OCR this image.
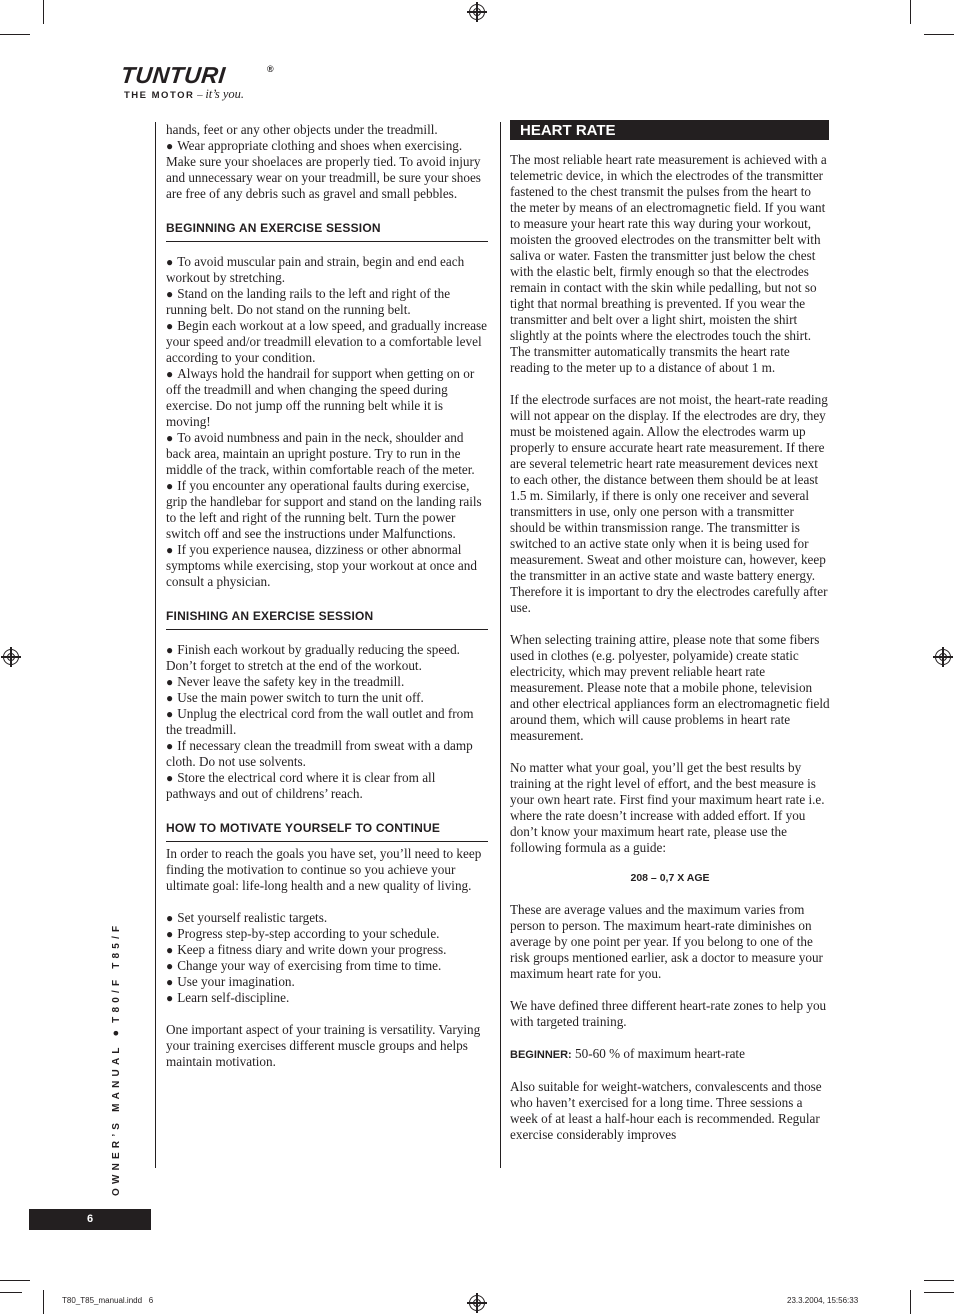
TUNTURI	®
THE MOTOR – it’s you.

hands, feet or any other objects under the treadmill.

● Wear appropriate clothing and shoes when exercising. Make sure your shoelaces are properly tied. To avoid injury and unnecessary wear on your treadmill, be sure your shoes are free of any debris such as gravel and small pebbles.

BEGINNING AN EXERCISE SESSION

● To avoid muscular pain and strain, begin and end each workout by stretching.

● Stand on the landing rails to the left and right of the running belt. Do not stand on the running belt.

● Begin each workout at a low speed, and gradually increase your speed and/or treadmill elevation to a comfortable level according to your condition.

● Always hold the handrail for support when getting on or off the treadmill and when changing the speed during exercise. Do not jump off the running belt while it is moving!

● To avoid numbness and pain in the neck, shoulder and back area, maintain an upright posture. Try to run in the middle of the track, within comfortable reach of the meter.

● If you encounter any operational faults during exercise, grip the handlebar for support and stand on the landing rails to the left and right of the running belt. Turn the power switch off and see the instructions under Malfunctions.

● If you experience nausea, dizziness or other abnormal symptoms while exercising, stop your workout at once and consult a physician.

FINISHING AN EXERCISE SESSION

● Finish each workout by gradually reducing the speed. Don’t forget to stretch at the end of the workout.

● Never leave the safety key in the treadmill.

● Use the main power switch to turn the unit off.

● Unplug the electrical cord from the wall outlet and from the treadmill.

● If necessary clean the treadmill from sweat with a damp cloth. Do not use solvents.

● Store the electrical cord where it is clear from all pathways and out of childrens’ reach.

HOW TO MOTIVATE YOURSELF TO CONTINUE

In order to reach the goals you have set, you’ll need to keep finding the motivation to continue so you achieve your ultimate goal: life-long health and a new quality of living.

● Set yourself realistic targets.

● Progress step-by-step according to your schedule.

● Keep a fitness diary and write down your progress.

● Change your way of exercising from time to time.

● Use your imagination.

● Learn self-discipline.

One important aspect of your training is versatility. Varying your training exercises different muscle groups and helps maintain motivation.

HEART RATE

The most reliable heart rate measurement is achieved with a telemetric device, in which the electrodes of the transmitter fastened to the chest transmit the pulses from the heart to the meter by means of an electromagnetic field. If you want to measure your heart rate this way during your workout, moisten the grooved electrodes on the transmitter belt with saliva or water. Fasten the transmitter just below the chest with the elastic belt, firmly enough so that the electrodes remain in contact with the skin while pedalling, but not so tight that normal breathing is prevented. If you wear the transmitter and belt over a light shirt, moisten the shirt slightly at the points where the electrodes touch the shirt. The transmitter automatically transmits the heart rate reading to the meter up to a distance of about 1 m.

If the electrode surfaces are not moist, the heart-rate reading will not appear on the display. If the electrodes are dry, they must be moistened again. Allow the electrodes warm up properly to ensure accurate heart rate measurement. If there are several telemetric heart rate measurement devices next to each other, the distance between them should be at least 1.5 m. Similarly, if there is only one receiver and several transmitters in use, only one person with a transmitter should be within transmission range. The transmitter is switched to an active state only when it is being used for measurement. Sweat and other moisture can, however, keep the transmitter in an active state and waste battery energy. Therefore it is important to dry the electrodes carefully after use.

When selecting training attire, please note that some fibers used in clothes (e.g. polyester, polyamide) create static electricity, which may prevent reliable heart rate measurement. Please note that a mobile phone, television and other electrical appliances form an electromagnetic field around them, which will cause problems in heart rate measurement.

No matter what your goal, you’ll get the best results by training at the right level of effort, and the best measure is your own heart rate. First find your maximum heart rate i.e. where the rate doesn’t increase with added effort. If you don’t know your maximum heart rate, please use the following formula as a guide:

208 – 0,7 X AGE

These are average values and the maximum varies from person to person. The maximum heart-rate diminishes on average by one point per year. If you belong to one of the risk groups mentioned earlier, ask a doctor to measure your maximum heart rate for you.

We have defined three different heart-rate zones to help you with targeted training.

BEGINNER: 50-60 % of maximum heart-rate

Also suitable for weight-watchers, convalescents and those who haven’t exercised for a long time. Three sessions a week of at least a half-hour each is recommended. Regular exercise considerably improves

OWNER’S MANUAL ● T80/F T85/F
6
T80_T85_manual.indd   6	23.3.2004, 15:56:33
